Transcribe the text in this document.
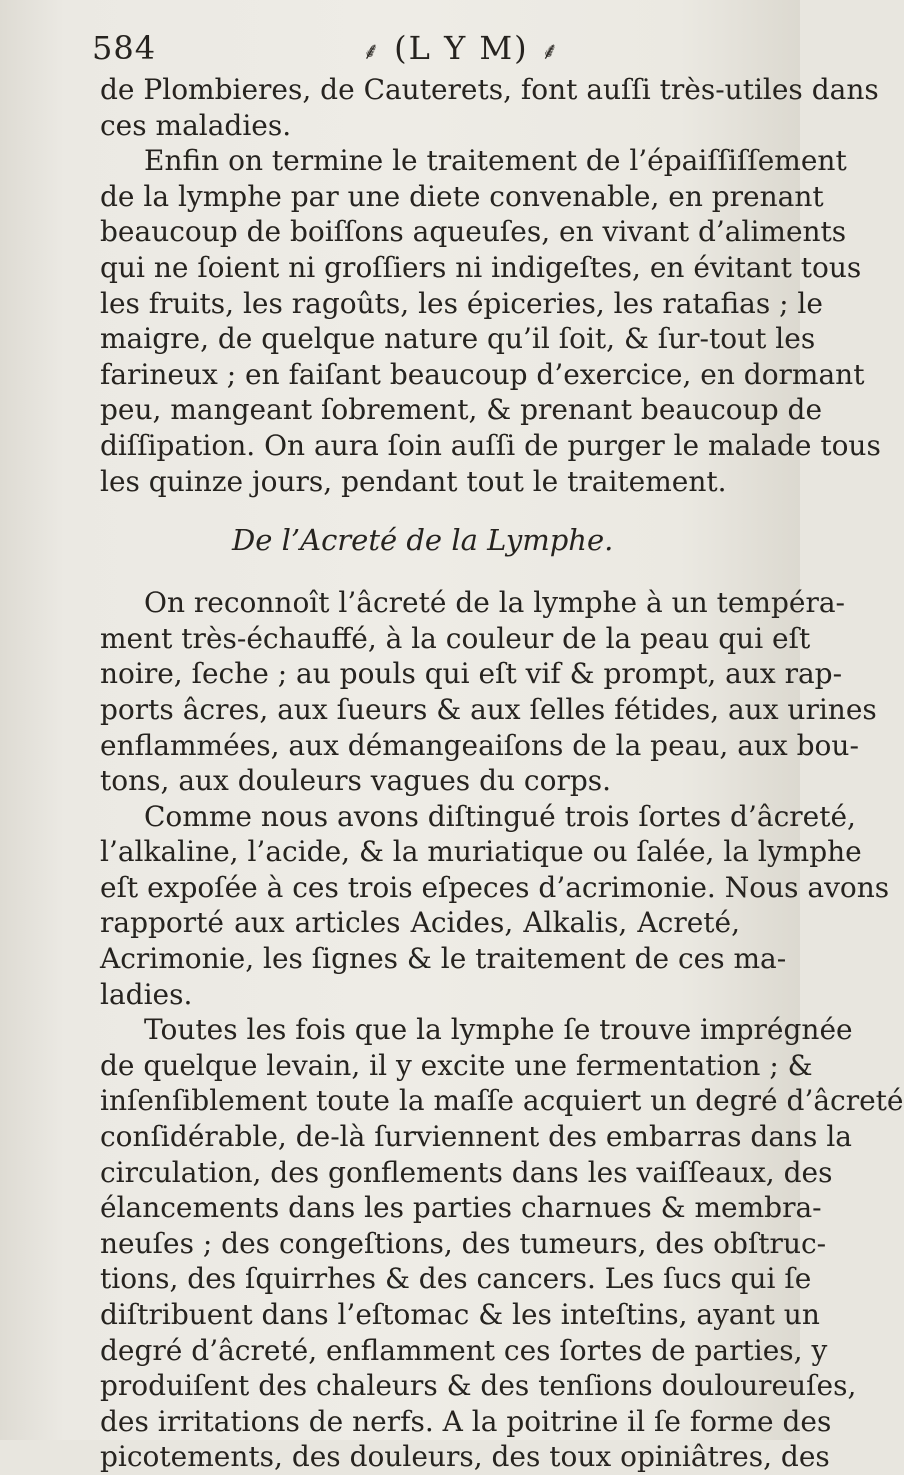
584	⸙ (L Y M) ⸙
de Plombieres, de Cauterets, font auſſi très-utiles dans
ces maladies.
Enfin on termine le traitement de l’épaiſſiſſement
de la lymphe par une diete convenable, en prenant
beaucoup de boiſſons aqueuſes, en vivant d’aliments
qui ne ſoient ni groſſiers ni indigeſtes, en évitant tous
les fruits, les ragoûts, les épiceries, les ratafias ; le
maigre, de quelque nature qu’il ſoit, & ſur-tout les
farineux ; en faiſant beaucoup d’exercice, en dormant
peu, mangeant ſobrement, & prenant beaucoup de
diſſipation. On aura ſoin auſſi de purger le malade tous
les quinze jours, pendant tout le traitement.
De l’Acreté de la Lymphe.
On reconnoît l’âcreté de la lymphe à un tempéra-
ment très-échauffé, à la couleur de la peau qui eſt
noire, ſeche ; au pouls qui eſt vif & prompt, aux rap-
ports âcres, aux ſueurs & aux ſelles fétides, aux urines
enflammées, aux démangeaiſons de la peau, aux bou-
tons, aux douleurs vagues du corps.
Comme nous avons diſtingué trois ſortes d’âcreté,
l’alkaline, l’acide, & la muriatique ou ſalée, la lymphe
eſt expoſée à ces trois eſpeces d’acrimonie. Nous avons
rapporté aux articles Acides, Alkalis, Acreté,
Acrimonie, les ſignes & le traitement de ces ma-
ladies.
Toutes les fois que la lymphe ſe trouve imprégnée
de quelque levain, il y excite une fermentation ; &
inſenſiblement toute la maſſe acquiert un degré d’âcreté
conſidérable, de-là ſurviennent des embarras dans la
circulation, des gonflements dans les vaiſſeaux, des
élancements dans les parties charnues & membra-
neuſes ; des congeſtions, des tumeurs, des obſtruc-
tions, des ſquirrhes & des cancers. Les ſucs qui ſe
diſtribuent dans l’eſtomac & les inteſtins, ayant un
degré d’âcreté, enflamment ces ſortes de parties, y
produiſent des chaleurs & des tenſions douloureuſes,
des irritations de nerfs. A la poitrine il ſe forme des
picotements, des douleurs, des toux opiniâtres, des
